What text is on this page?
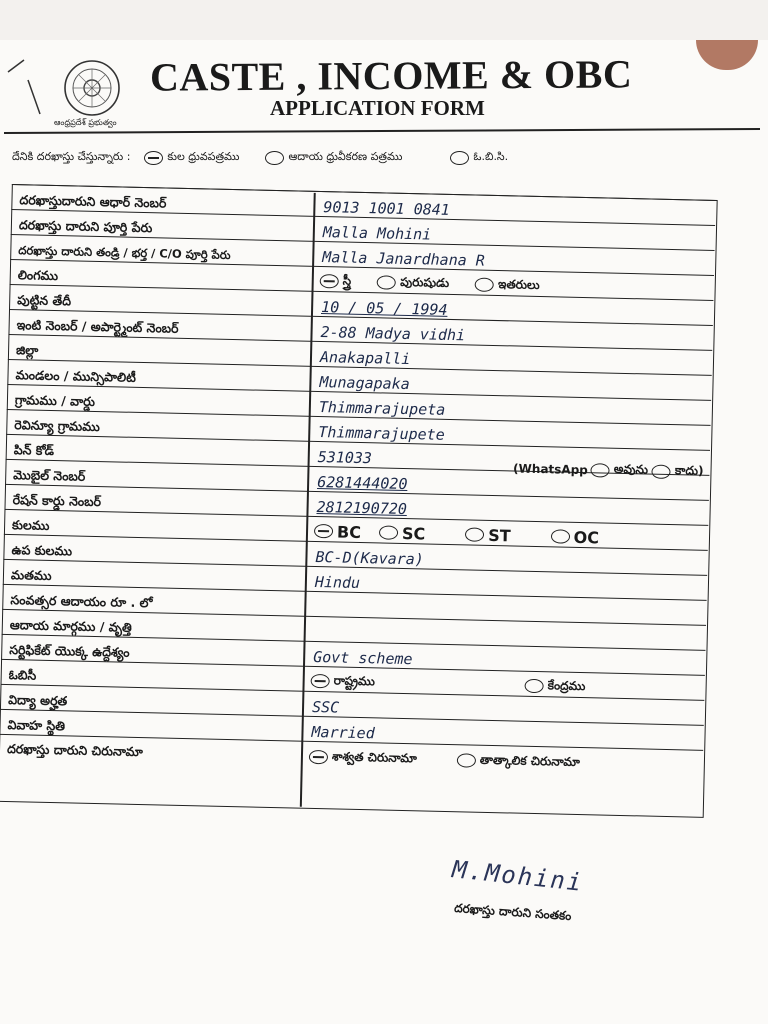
ఆంధ్రప్రదేశ్ ప్రభుత్వం
CASTE , INCOME & OBC
APPLICATION FORM
దేనికి దరఖాస్తు చేస్తున్నారు :	కుల ధ్రువపత్రము	ఆదాయ ధ్రువీకరణ పత్రము	ఓ.బి.సి.
దరఖాస్తుదారుని ఆధార్ నెంబర్	9013 1001 0841
దరఖాస్తు దారుని పూర్తి పేరు	Malla Mohini
దరఖాస్తు దారుని తండ్రి / భర్త / C/O పూర్తి పేరు	Malla Janardhana R
లింగము	స్త్రీ	పురుషుడు	ఇతరులు
పుట్టిన తేదీ	10 / 05 / 1994
ఇంటి నెంబర్ / అపార్ట్మెంట్ నెంబర్	2-88 Madya vidhi
జిల్లా	Anakapalli
మండలం / మున్సిపాలిటీ	Munagapaka
గ్రామము / వార్డు	Thimmarajupeta
రెవిన్యూ గ్రామము	Thimmarajupete
పిన్ కోడ్	531033
మొబైల్ నెంబర్	6281444020
(WhatsApp అవును కాదు)
రేషన్ కార్డు నెంబర్	2812190720
కులము	BC	SC	ST	OC
ఉప కులము	BC-D(Kavara)
మతము	Hindu
సంవత్సర ఆదాయం రూ . లో
ఆదాయ మార్గము / వృత్తి
సర్టిఫికేట్ యొక్క ఉద్దేశ్యం	Govt scheme
ఓబిసీ	రాష్ట్రము	కేంద్రము
విద్యా అర్హత	SSC
వివాహ స్థితి	Married
దరఖాస్తు దారుని చిరునామా	శాశ్వత చిరునామా	తాత్కాలిక చిరునామా
M.Mohini
దరఖాస్తు దారుని సంతకం
